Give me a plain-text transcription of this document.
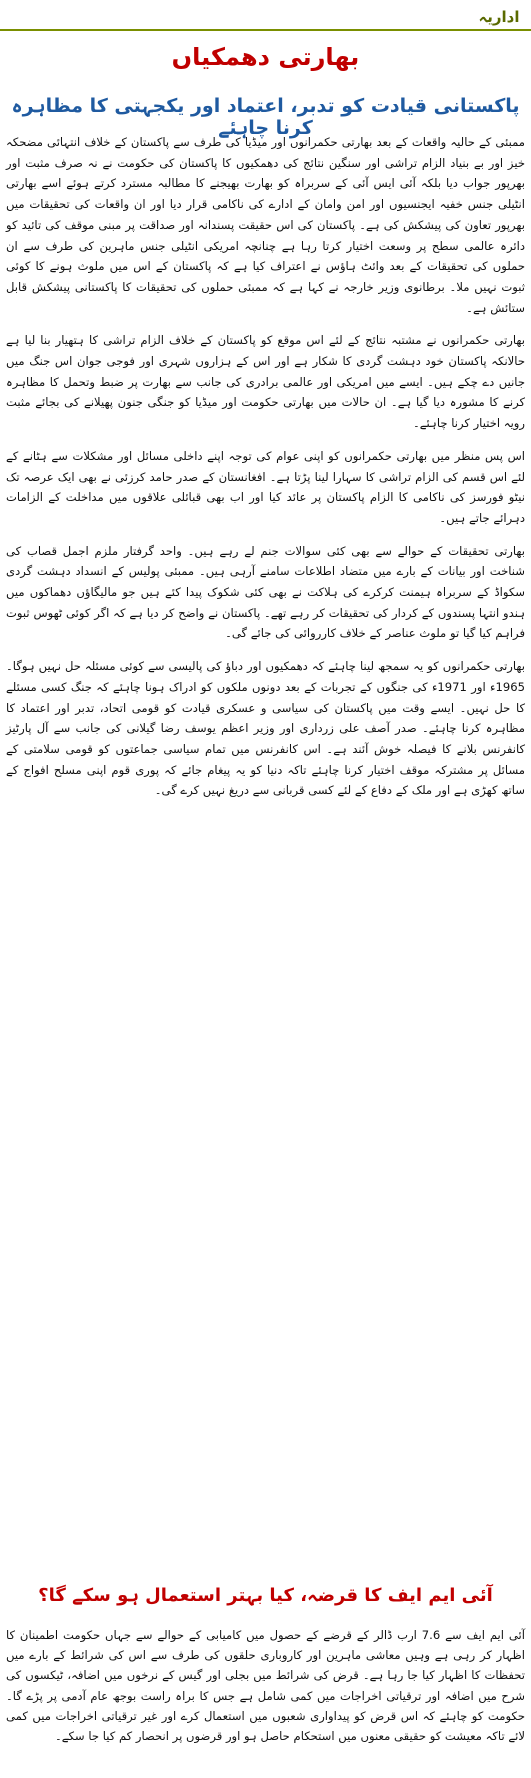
اداریہ
بھارتی دھمکیاں
پاکستانی قیادت کو تدبر، اعتماد اور یکجہتی کا مظاہرہ کرنا چاہئے

ممبئی کے حالیہ واقعات کے بعد بھارتی حکمرانوں اور میڈیا کی طرف سے پاکستان کے خلاف انتہائی مضحکہ خیز اور بے بنیاد الزام تراشی اور سنگین نتائج کی دھمکیوں کا پاکستان کی حکومت نے نہ صرف مثبت اور بھرپور جواب دیا بلکہ آئی ایس آئی کے سربراہ کو بھارت بھیجنے کا مطالبہ مسترد کرتے ہوئے اسے بھارتی انٹیلی جنس خفیہ ایجنسیوں اور امن وامان کے ادارے کی ناکامی قرار دیا اور ان واقعات کی تحقیقات میں بھرپور تعاون کی پیشکش کی ہے۔ پاکستان کی اس حقیقت پسندانہ اور صداقت پر مبنی موقف کی تائید کو دائرہ عالمی سطح پر وسعت اختیار کرتا رہا ہے چنانچہ امریکی انٹیلی جنس ماہرین کی طرف سے ان حملوں کی تحقیقات کے بعد وائٹ ہاؤس نے اعتراف کیا ہے کہ پاکستان کے اس میں ملوث ہونے کا کوئی ثبوت نہیں ملا۔ برطانوی وزیر خارجہ نے کہا ہے کہ ممبئی حملوں کی تحقیقات کا پاکستانی پیشکش قابل ستائش ہے۔

بھارتی حکمرانوں نے مشتبہ نتائج کے لئے اس موقع کو پاکستان کے خلاف الزام تراشی کا ہتھیار بنا لیا ہے حالانکہ پاکستان خود دہشت گردی کا شکار ہے اور اس کے ہزاروں شہری اور فوجی جوان اس جنگ میں جانیں دے چکے ہیں۔ ایسے میں امریکی اور عالمی برادری کی جانب سے بھارت پر ضبط وتحمل کا مظاہرہ کرنے کا مشورہ دیا گیا ہے۔ ان حالات میں بھارتی حکومت اور میڈیا کو جنگی جنون پھیلانے کی بجائے مثبت رویہ اختیار کرنا چاہئے۔

اس پس منظر میں بھارتی حکمرانوں کو اپنی عوام کی توجہ اپنے داخلی مسائل اور مشکلات سے ہٹانے کے لئے اس قسم کی الزام تراشی کا سہارا لینا پڑتا ہے۔ افغانستان کے صدر حامد کرزئی نے بھی ایک عرصہ تک نیٹو فورسز کی ناکامی کا الزام پاکستان پر عائد کیا اور اب بھی قبائلی علاقوں میں مداخلت کے الزامات دہرائے جاتے ہیں۔

بھارتی تحقیقات کے حوالے سے بھی کئی سوالات جنم لے رہے ہیں۔ واحد گرفتار ملزم اجمل قصاب کی شناخت اور بیانات کے بارے میں متضاد اطلاعات سامنے آرہی ہیں۔ ممبئی پولیس کے انسداد دہشت گردی سکواڈ کے سربراہ ہیمنت کرکرے کی ہلاکت نے بھی کئی شکوک پیدا کئے ہیں جو مالیگاؤں دھماکوں میں ہندو انتہا پسندوں کے کردار کی تحقیقات کر رہے تھے۔ پاکستان نے واضح کر دیا ہے کہ اگر کوئی ٹھوس ثبوت فراہم کیا گیا تو ملوث عناصر کے خلاف کارروائی کی جائے گی۔

بھارتی حکمرانوں کو یہ سمجھ لینا چاہئے کہ دھمکیوں اور دباؤ کی پالیسی سے کوئی مسئلہ حل نہیں ہوگا۔ 1965ء اور 1971ء کی جنگوں کے تجربات کے بعد دونوں ملکوں کو ادراک ہونا چاہئے کہ جنگ کسی مسئلے کا حل نہیں۔ ایسے وقت میں پاکستان کی سیاسی و عسکری قیادت کو قومی اتحاد، تدبر اور اعتماد کا مظاہرہ کرنا چاہئے۔ صدر آصف علی زرداری اور وزیر اعظم یوسف رضا گیلانی کی جانب سے آل پارٹیز کانفرنس بلانے کا فیصلہ خوش آئند ہے۔ اس کانفرنس میں تمام سیاسی جماعتوں کو قومی سلامتی کے مسائل پر مشترکہ موقف اختیار کرنا چاہئے تاکہ دنیا کو یہ پیغام جائے کہ پوری قوم اپنی مسلح افواج کے ساتھ کھڑی ہے اور ملک کے دفاع کے لئے کسی قربانی سے دریغ نہیں کرے گی۔

آئی ایم ایف کا قرضہ، کیا بہتر استعمال ہو سکے گا؟

آئی ایم ایف سے 7.6 ارب ڈالر کے قرضے کے حصول میں کامیابی کے حوالے سے جہاں حکومت اطمینان کا اظہار کر رہی ہے وہیں معاشی ماہرین اور کاروباری حلقوں کی طرف سے اس کی شرائط کے بارے میں تحفظات کا اظہار کیا جا رہا ہے۔ قرض کی شرائط میں بجلی اور گیس کے نرخوں میں اضافہ، ٹیکسوں کی شرح میں اضافہ اور ترقیاتی اخراجات میں کمی شامل ہے جس کا براہ راست بوجھ عام آدمی پر پڑے گا۔ حکومت کو چاہئے کہ اس قرض کو پیداواری شعبوں میں استعمال کرے اور غیر ترقیاتی اخراجات میں کمی لائے تاکہ معیشت کو حقیقی معنوں میں استحکام حاصل ہو اور قرضوں پر انحصار کم کیا جا سکے۔
